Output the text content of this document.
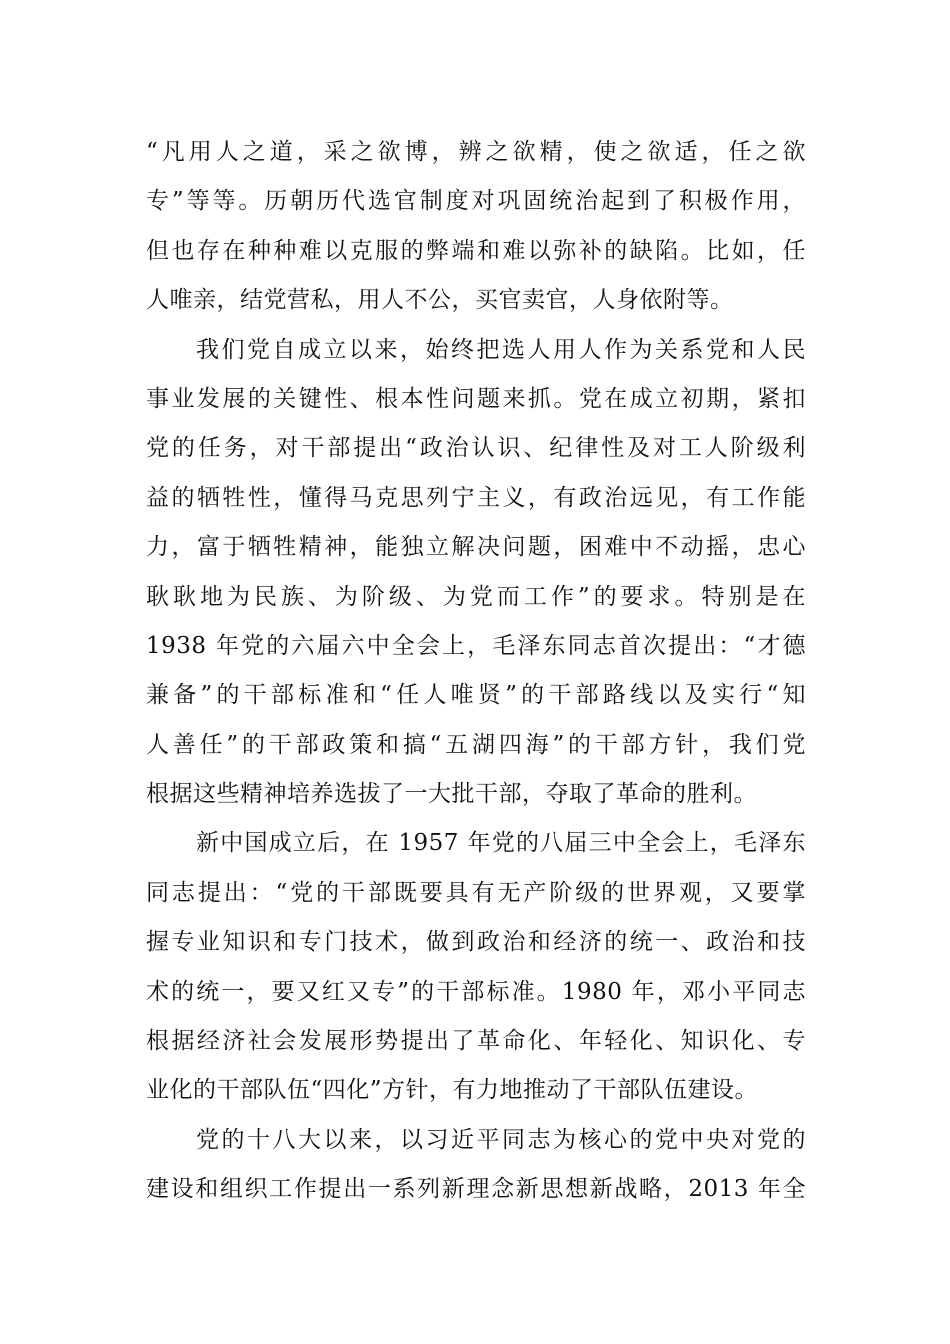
“凡用人之道，采之欲博，辨之欲精，使之欲适，任之欲
专”等等。历朝历代选官制度对巩固统治起到了积极作用，
但也存在种种难以克服的弊端和难以弥补的缺陷。比如，任
人唯亲，结党营私，用人不公，买官卖官，人身依附等。
我们党自成立以来，始终把选人用人作为关系党和人民
事业发展的关键性、根本性问题来抓。党在成立初期，紧扣
党的任务，对干部提出“政治认识、纪律性及对工人阶级利
益的牺牲性，懂得马克思列宁主义，有政治远见，有工作能
力，富于牺牲精神，能独立解决问题，困难中不动摇，忠心
耿耿地为民族、为阶级、为党而工作”的要求。特别是在
1938 年党的六届六中全会上，毛泽东同志首次提出：“才德
兼备”的干部标准和“任人唯贤”的干部路线以及实行“知
人善任”的干部政策和搞“五湖四海”的干部方针，我们党
根据这些精神培养选拔了一大批干部，夺取了革命的胜利。
新中国成立后，在 1957 年党的八届三中全会上，毛泽东
同志提出：“党的干部既要具有无产阶级的世界观，又要掌
握专业知识和专门技术，做到政治和经济的统一、政治和技
术的统一，要又红又专”的干部标准。1980 年，邓小平同志
根据经济社会发展形势提出了革命化、年轻化、知识化、专
业化的干部队伍“四化”方针，有力地推动了干部队伍建设。
党的十八大以来，以习近平同志为核心的党中央对党的
建设和组织工作提出一系列新理念新思想新战略，2013 年全
